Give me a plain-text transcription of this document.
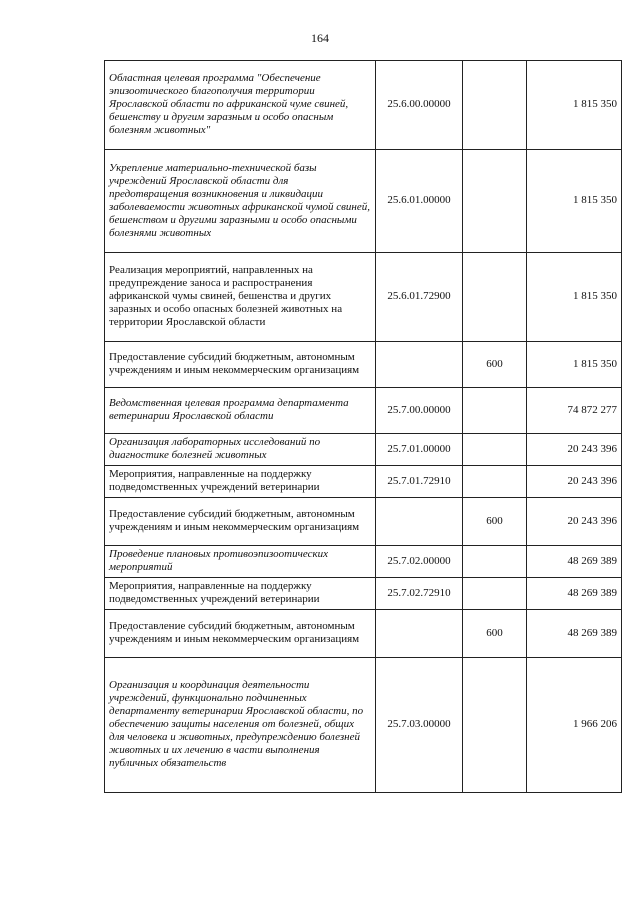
164
Областная целевая программа "Обеспечение эпизоотического благополучия территории Ярославской области по африканской чуме свиней, бешенству и другим заразным и особо опасным болезням животных"	25.6.00.00000		1 815 350
Укрепление материально-технической базы учреждений Ярославской области для предотвращения возникновения и ликвидации заболеваемости животных африканской чумой свиней, бешенством и другими заразными и особо опасными болезнями животных	25.6.01.00000		1 815 350
Реализация мероприятий, направленных на предупреждение заноса и распространения африканской чумы свиней, бешенства и других заразных и особо опасных болезней животных на территории Ярославской области	25.6.01.72900		1 815 350
Предоставление субсидий бюджетным, автономным учреждениям и иным некоммерческим организациям		600	1 815 350
Ведомственная целевая программа департамента ветеринарии Ярославской области	25.7.00.00000		74 872 277
Организация лабораторных исследований по диагностике болезней животных	25.7.01.00000		20 243 396
Мероприятия, направленные на поддержку подведомственных учреждений ветеринарии	25.7.01.72910		20 243 396
Предоставление субсидий бюджетным, автономным учреждениям и иным некоммерческим организациям		600	20 243 396
Проведение плановых противоэпизоотических мероприятий	25.7.02.00000		48 269 389
Мероприятия, направленные на поддержку подведомственных учреждений ветеринарии	25.7.02.72910		48 269 389
Предоставление субсидий бюджетным, автономным учреждениям и иным некоммерческим организациям		600	48 269 389
Организация и координация деятельности учреждений, функционально подчиненных департаменту ветеринарии Ярославской области, по обеспечению защиты населения от болезней, общих для человека и животных, предупреждению болезней животных и их лечению в части выполнения публичных обязательств	25.7.03.00000		1 966 206
